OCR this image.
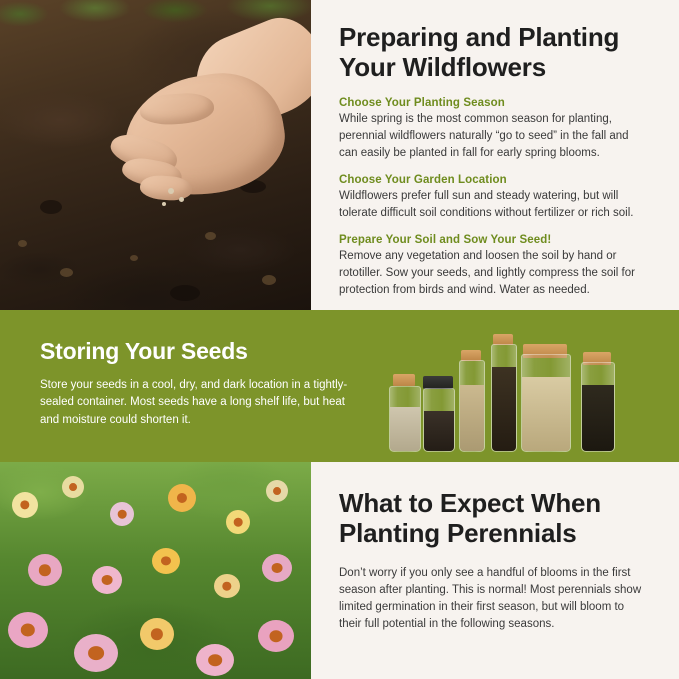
Preparing and Planting Your Wildflowers

Choose Your Planting Season

While spring is the most common season for planting, perennial wildflowers naturally “go to seed” in the fall and can easily be planted in fall for early spring blooms.

Choose Your Garden Location

Wildflowers prefer full sun and steady watering, but will tolerate difficult soil conditions without fertilizer or rich soil.

Prepare Your Soil and Sow Your Seed!

Remove any vegetation and loosen the soil by hand or rototiller. Sow your seeds, and lightly compress the soil for protection from birds and wind. Water as needed.

Storing Your Seeds

Store your seeds in a cool, dry, and dark location in a tightly-sealed container. Most seeds have a long shelf life, but heat and moisture could shorten it.

What to Expect When Planting Perennials

Don’t worry if you only see a handful of blooms in the first season after planting. This is normal! Most perennials show limited germination in their first season, but will bloom to their full potential in the following seasons.
